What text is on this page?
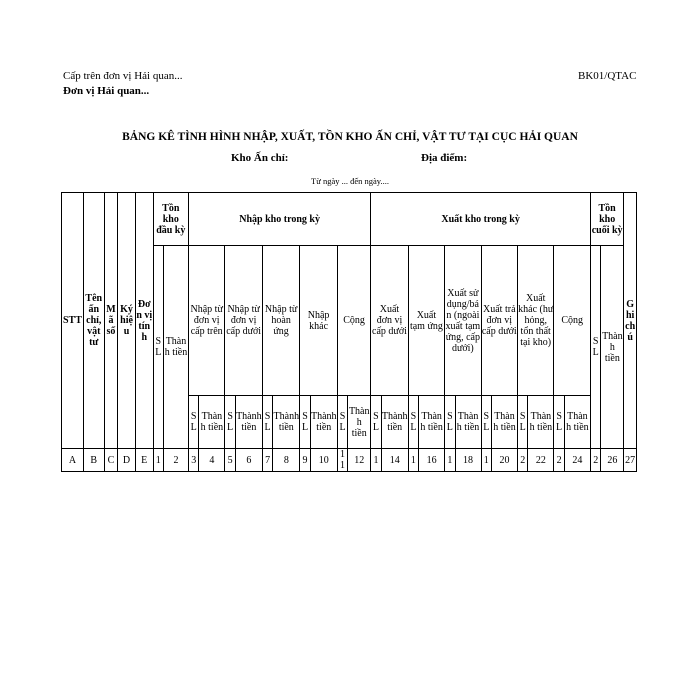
Cấp trên đơn vị Hải quan...
Đơn vị Hải quan...
BK01/QTAC
BẢNG KÊ TÌNH HÌNH NHẬP, XUẤT, TỒN KHO ẤN CHỈ, VẬT TƯ TẠI CỤC HẢI QUAN
Kho Ấn chỉ:	Địa điểm:
Từ ngày ... đến ngày....
STT	Tên ấn chỉ, vật tư	Mã số	Ký hiệu	Đơn vị tính	Tồn kho đầu kỳ		Nhập kho trong kỳ										Xuất kho trong kỳ												Tồn kho cuối kỳ		Ghi chú
					SL	Thành tiền	Nhập từ đơn vị cấp trên		Nhập từ đơn vị cấp dưới		Nhập từ hoàn ứng		Nhập khác		Cộng		Xuất đơn vị cấp dưới		Xuất tạm ứng		Xuất sử dụng/bán (ngoài xuất tạm ứng, cấp dưới)		Xuất trả đơn vị cấp dưới		Xuất khác (hư hỏng, tổn thất tại kho)		Cộng		SL	Thành tiền	
							SL	Thành tiền	SL	Thành tiền	SL	Thành tiền	SL	Thành tiền	SL	Thành tiền	SL	Thành tiền	SL	Thành tiền	SL	Thành tiền	SL	Thành tiền	SL	Thành tiền	SL	Thành tiền			
A	B	C	D	E	1	2	3	4	5	6	7	8	9	10	11	12	1	14	1	16	1	18	1	20	2	22	2	24	2	26	27
